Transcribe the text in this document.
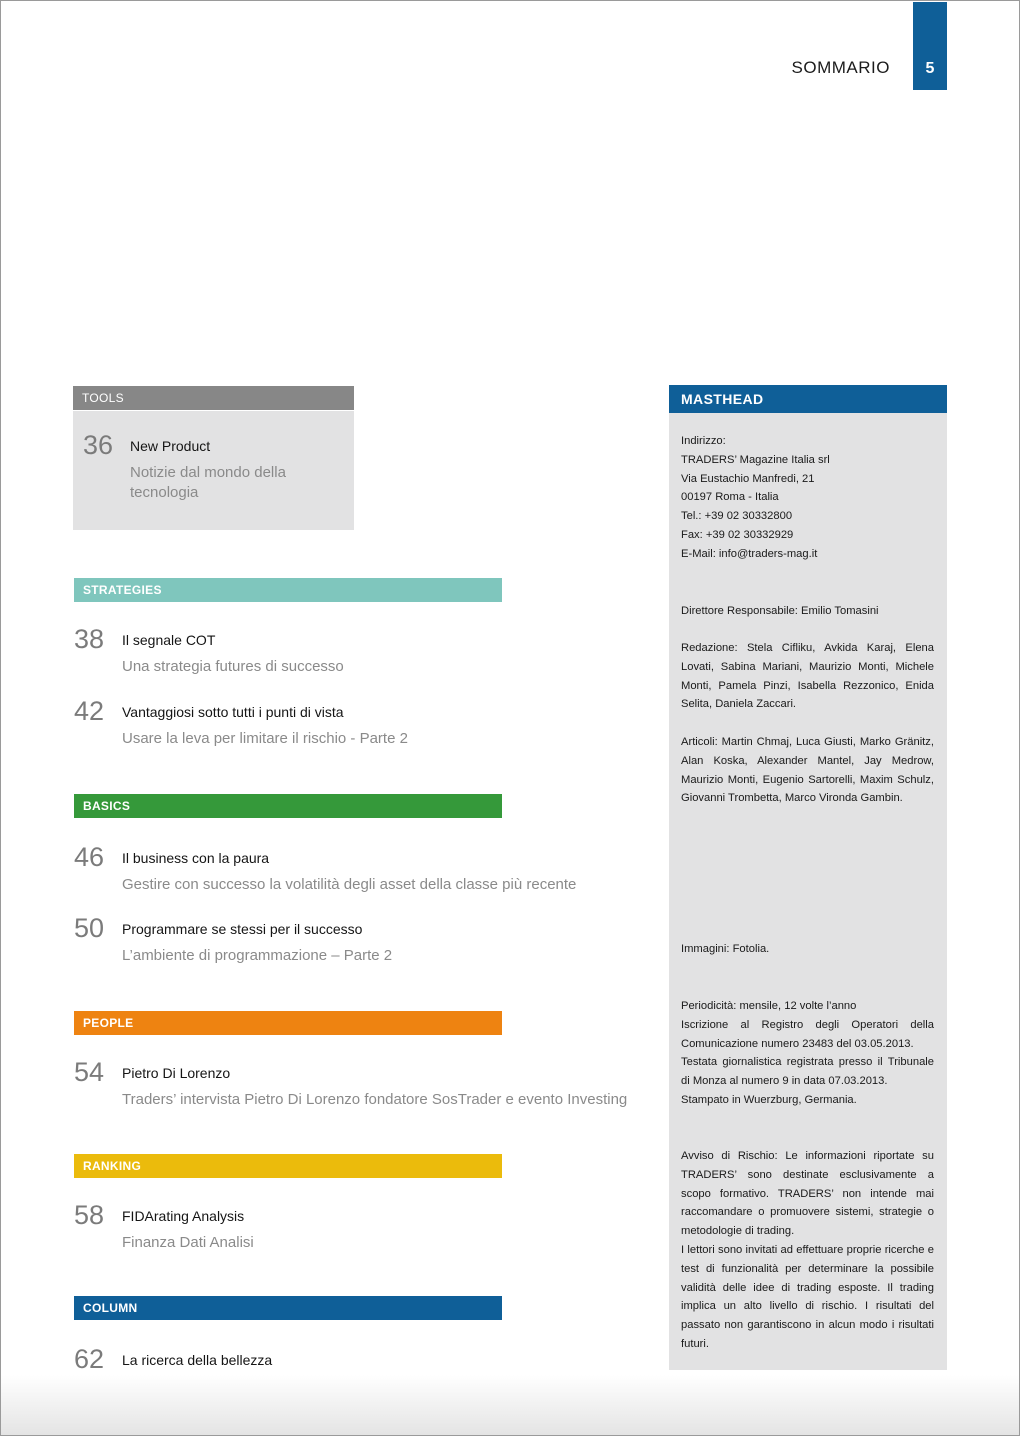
SOMMARIO	5
TOOLS
36 New Product
Notizie dal mondo della tecnologia
STRATEGIES
38 Il segnale COT
Una strategia futures di successo
42 Vantaggiosi sotto tutti i punti di vista
Usare la leva per limitare il rischio - Parte 2
BASICS
46 Il business con la paura
Gestire con successo la volatilità degli asset della classe più recente
50 Programmare se stessi per il successo
L’ambiente di programmazione – Parte 2
PEOPLE
54 Pietro Di Lorenzo
Traders’ intervista Pietro Di Lorenzo fondatore SosTrader e evento Investing
RANKING
58 FIDArating Analysis
Finanza Dati Analisi
COLUMN
62 La ricerca della bellezza
MASTHEAD

Indirizzo:

TRADERS’ Magazine Italia srl

Via Eustachio Manfredi, 21

00197 Roma - Italia

Tel.: +39 02 30332800

Fax: +39 02 30332929

E-Mail: info@traders-mag.it

Direttore Responsabile: Emilio Tomasini

Redazione: Stela Cifliku, Avkida Karaj, Elena Lovati, Sabina Mariani, Maurizio Monti, Michele Monti, Pamela Pinzi, Isabella Rezzonico, Enida Selita, Daniela Zaccari.

Articoli: Martin Chmaj, Luca Giusti, Marko Gränitz, Alan Koska, Alexander Mantel, Jay Medrow, Maurizio Monti, Eugenio Sartorelli, Maxim Schulz, Giovanni Trombetta, Marco Vironda Gambin.

Immagini: Fotolia.

Periodicità: mensile, 12 volte l’anno

Iscrizione al Registro degli Operatori della Comunicazione numero 23483 del 03.05.2013.

Testata giornalistica registrata presso il Tribunale di Monza al numero 9 in data 07.03.2013.

Stampato in Wuerzburg, Germania.

Avviso di Rischio: Le informazioni riportate su TRADERS’ sono destinate esclusivamente a scopo formativo. TRADERS’ non intende mai raccomandare o promuovere sistemi, strategie o metodologie di trading.

I lettori sono invitati ad effettuare proprie ricerche e test di funzionalità per determinare la possibile validità delle idee di trading esposte. Il trading implica un alto livello di rischio. I risultati del passato non garantiscono in alcun modo i risultati futuri.
